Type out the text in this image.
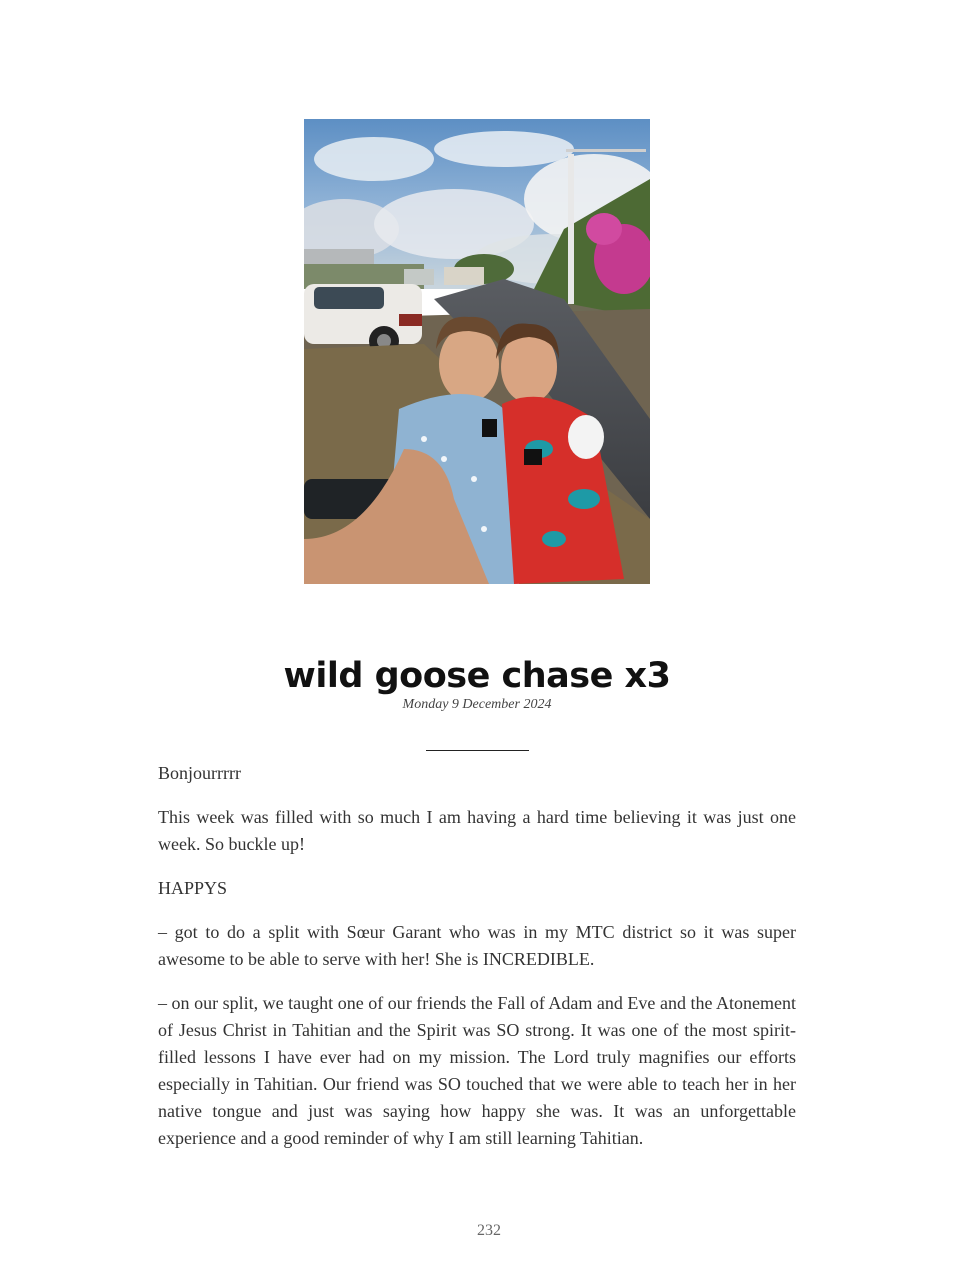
wild goose chase x3
Monday 9 December 2024

Bonjourrrrr

This week was filled with so much I am having a hard time believing it was just one week. So buckle up!

HAPPYS

– got to do a split with Sœur Garant who was in my MTC district so it was super awesome to be able to serve with her! She is INCREDIBLE.

– on our split, we taught one of our friends the Fall of Adam and Eve and the Atonement of Jesus Christ in Tahitian and the Spirit was SO strong. It was one of the most spirit-filled lessons I have ever had on my mission. The Lord truly magnifies our efforts especially in Tahitian. Our friend was SO touched that we were able to teach her in her native tongue and just was saying how happy she was. It was an unforgettable experience and a good reminder of why I am still learning Tahitian.

232
